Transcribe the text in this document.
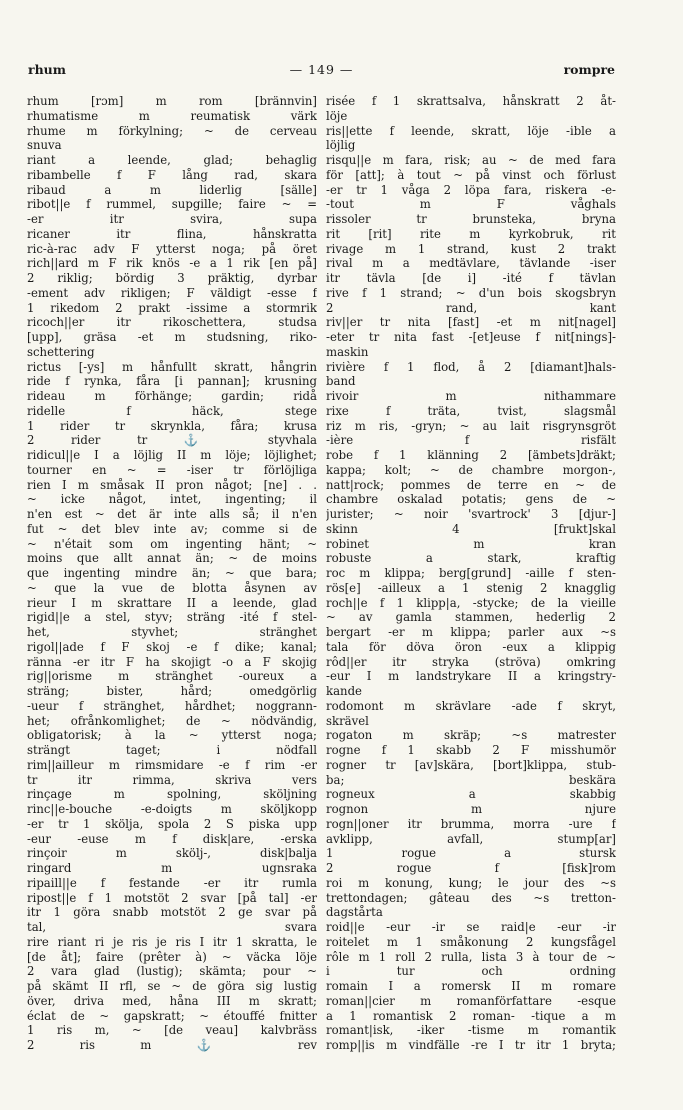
rhum	— 149 —	rompre

rhum [rɔm] m rom [brännvin]

rhumatisme m reumatisk värk

rhume m förkylning; ~ de cerveau

snuva

riant a leende, glad; behaglig

ribambelle f F lång rad, skara

ribaud a m liderlig [sälle]

ribot||e f rummel, supgille; faire ~ =

-er itr svira, supa

ricaner itr flina, hånskratta

ric-à-rac adv F ytterst noga; på öret

rich||ard m F rik knös -e a 1 rik [en på]

2 riklig; bördig 3 präktig, dyrbar

-ement adv rikligen; F väldigt -esse f

1 rikedom 2 prakt -issime a stormrik

ricoch||er itr rikoschettera, studsa

[upp], gräsa -et m studsning, riko-

schettering

rictus [-ys] m hånfullt skratt, hångrin

ride f rynka, fåra [i pannan]; krusning

rideau m förhänge; gardin; ridå

ridelle f häck, stege

1 rider tr skrynkla, fåra; krusa

2 rider tr ⚓ styvhala

ridicul||e I a löjlig II m löje; löjlighet;

tourner en ~ = -iser tr förlöjliga

rien I m småsak II pron något; [ne] . .

~ icke något, intet, ingenting; il

n'en est ~ det är inte alls så; il n'en

fut ~ det blev inte av; comme si de

~ n'était som om ingenting hänt; ~

moins que allt annat än; ~ de moins

que ingenting mindre än; ~ que bara;

~ que la vue de blotta åsynen av

rieur I m skrattare II a leende, glad

rigid||e a stel, styv; sträng -ité f stel-

het, styvhet; stränghet

rigol||ade f F skoj -e f dike; kanal;

ränna -er itr F ha skojigt -o a F skojig

rig||orisme m stränghet -oureux a

sträng; bister, hård; omedgörlig

-ueur f stränghet, hårdhet; noggrann-

het; ofrånkomlighet; de ~ nödvändig,

obligatorisk; à la ~ ytterst noga;

strängt taget; i nödfall

rim||ailleur m rimsmidare -e f rim -er

tr itr rimma, skriva vers

rinçage m spolning, sköljning

rinc||e-bouche -e-doigts m sköljkopp

-er tr 1 skölja, spola 2 S piska upp

-eur -euse m f disk|are, -erska

rinçoir m skölj-, disk|balja

ringard m ugnsraka

ripaill||e f festande -er itr rumla

ripost||e f 1 motstöt 2 svar [på tal] -er

itr 1 göra snabb motstöt 2 ge svar på

tal, svara

rire riant ri je ris je ris I itr 1 skratta, le

[de åt]; faire (prêter à) ~ väcka löje

2 vara glad (lustig); skämta; pour ~

på skämt II rfl, se ~ de göra sig lustig

över, driva med, håna III m skratt;

éclat de ~ gapskratt; ~ étouffé fnitter

1 ris m, ~ [de veau] kalvbräss

2 ris m ⚓ rev

risée f 1 skrattsalva, hånskratt 2 åt-

löje

ris||ette f leende, skratt, löje -ible a

löjlig

risqu||e m fara, risk; au ~ de med fara

för [att]; à tout ~ på vinst och förlust

-er tr 1 våga 2 löpa fara, riskera -e-

-tout m F våghals

rissoler tr brunsteka, bryna

rit [rit] rite m kyrkobruk, rit

rivage m 1 strand, kust 2 trakt

rival m a medtävlare, tävlande -iser

itr tävla [de i] -ité f tävlan

rive f 1 strand; ~ d'un bois skogsbryn

2 rand, kant

riv||er tr nita [fast] -et m nit[nagel]

-eter tr nita fast -[et]euse f nit[nings]-

maskin

rivière f 1 flod, å 2 [diamant]hals-

band

rivoir m nithammare

rixe f träta, tvist, slagsmål

riz m ris, -gryn; ~ au lait risgrynsgröt

-ière f risfält

robe f 1 klänning 2 [ämbets]dräkt;

kappa; kolt; ~ de chambre morgon-,

natt|rock; pommes de terre en ~ de

chambre oskalad potatis; gens de ~

jurister; ~ noir 'svartrock' 3 [djur-]

skinn 4 [frukt]skal

robinet m kran

robuste a stark, kraftig

roc m klippa; berg[grund] -aille f sten-

rös[e] -ailleux a 1 stenig 2 knagglig

roch||e f 1 klipp|a, -stycke; de la vieille

~ av gamla stammen, hederlig 2

bergart -er m klippa; parler aux ~s

tala för döva öron -eux a klippig

rôd||er itr stryka (ströva) omkring

-eur I m landstrykare II a kringstry-

kande

rodomont m skrävlare -ade f skryt,

skrävel

rogaton m skräp; ~s matrester

rogne f 1 skabb 2 F misshumör

rogner tr [av]skära, [bort]klippa, stub-

ba; beskära

rogneux a skabbig

rognon m njure

rogn||oner itr brumma, morra -ure f

avklipp, avfall, stump[ar]

1 rogue a stursk

2 rogue f [fisk]rom

roi m konung, kung; le jour des ~s

trettondagen; gâteau des ~s tretton-

dagstårta

roid||e -eur -ir se raid|e -eur -ir

roitelet m 1 småkonung 2 kungsfågel

rôle m 1 roll 2 rulla, lista 3 à tour de ~

i tur och ordning

romain I a romersk II m romare

roman||cier m romanförfattare -esque

a 1 romantisk 2 roman- -tique a m

romant|isk, -iker -tisme m romantik

romp||is m vindfälle -re I tr itr 1 bryta;
